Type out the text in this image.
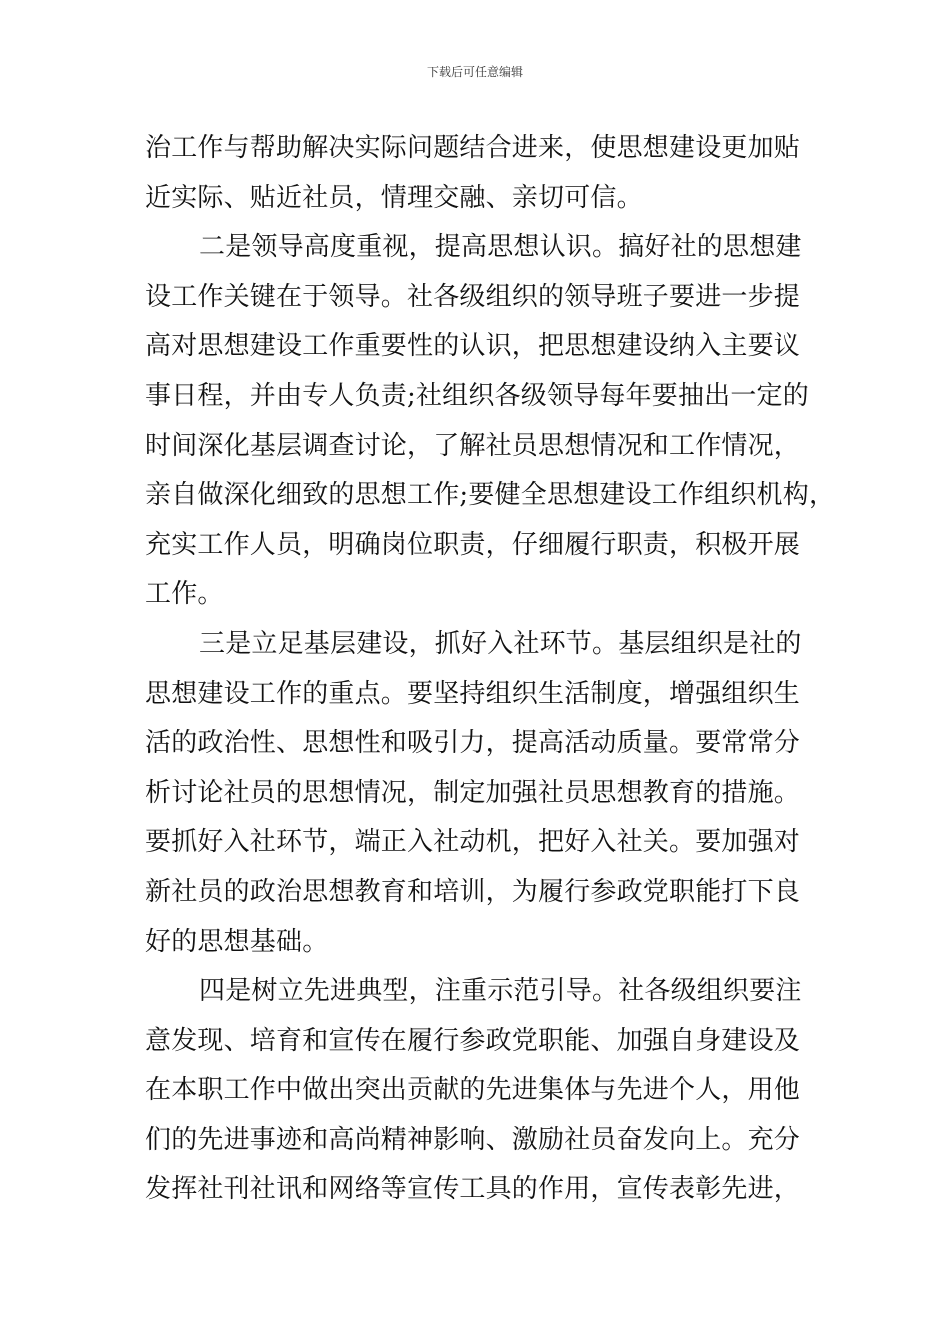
下载后可任意编辑
治工作与帮助解决实际问题结合进来，使思想建设更加贴
近实际、贴近社员，情理交融、亲切可信。
二是领导高度重视，提高思想认识。搞好社的思想建
设工作关键在于领导。社各级组织的领导班子要进一步提
高对思想建设工作重要性的认识，把思想建设纳入主要议
事日程，并由专人负责;社组织各级领导每年要抽出一定的
时间深化基层调查讨论，了解社员思想情况和工作情况，
亲自做深化细致的思想工作;要健全思想建设工作组织机构，
充实工作人员，明确岗位职责，仔细履行职责，积极开展
工作。
三是立足基层建设，抓好入社环节。基层组织是社的
思想建设工作的重点。要坚持组织生活制度，增强组织生
活的政治性、思想性和吸引力，提高活动质量。要常常分
析讨论社员的思想情况，制定加强社员思想教育的措施。
要抓好入社环节，端正入社动机，把好入社关。要加强对
新社员的政治思想教育和培训，为履行参政党职能打下良
好的思想基础。
四是树立先进典型，注重示范引导。社各级组织要注
意发现、培育和宣传在履行参政党职能、加强自身建设及
在本职工作中做出突出贡献的先进集体与先进个人，用他
们的先进事迹和高尚精神影响、激励社员奋发向上。充分
发挥社刊社讯和网络等宣传工具的作用，宣传表彰先进，
